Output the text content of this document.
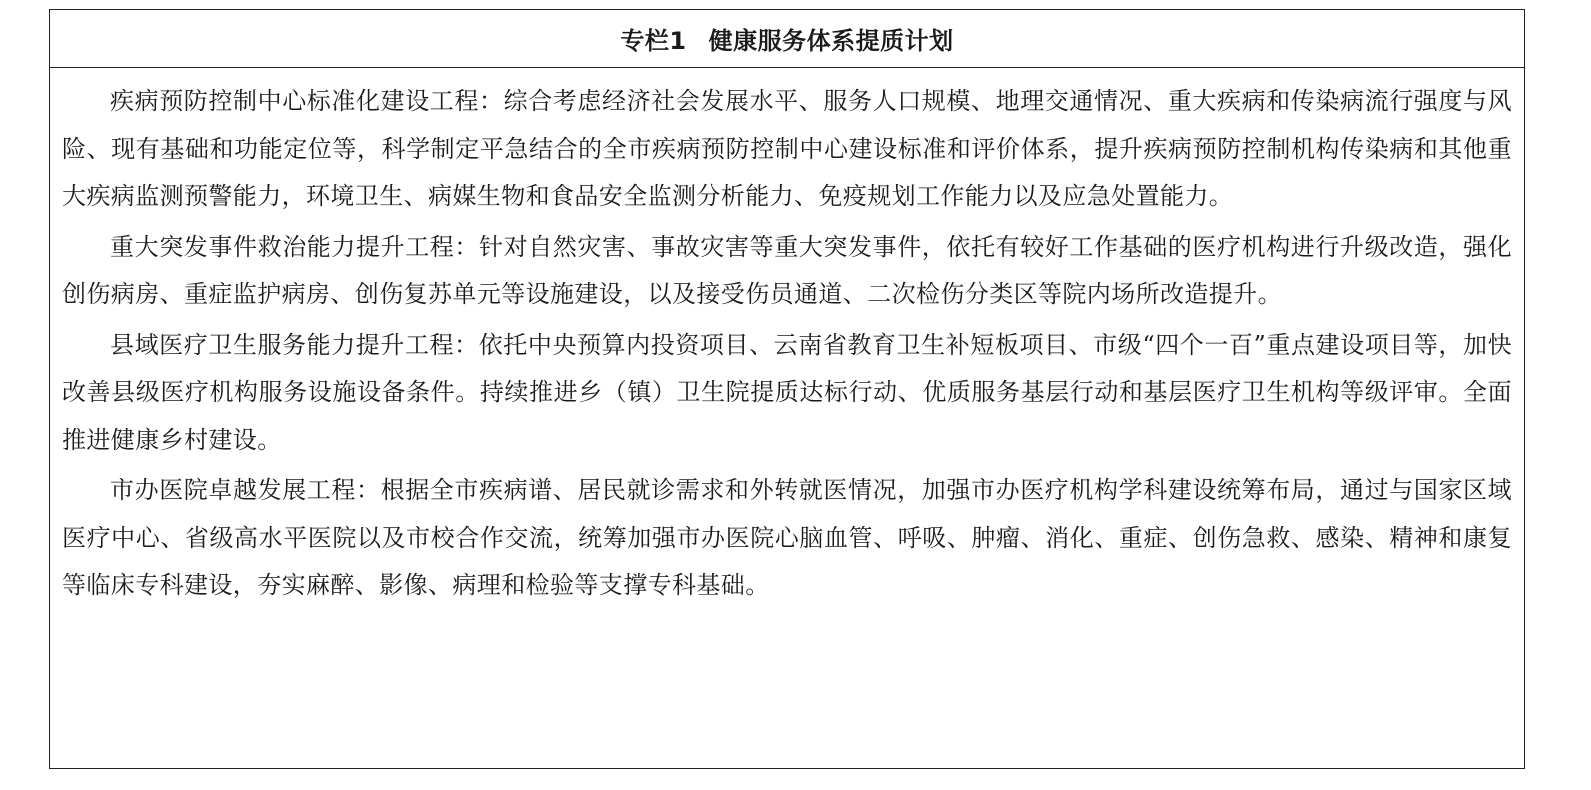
专栏1 健康服务体系提质计划

疾病预防控制中心标准化建设工程：综合考虑经济社会发展水平、服务人口规模、地理交通情况、重大疾病和传染病流行强度与风险、现有基础和功能定位等，科学制定平急结合的全市疾病预防控制中心建设标准和评价体系，提升疾病预防控制机构传染病和其他重大疾病监测预警能力，环境卫生、病媒生物和食品安全监测分析能力、免疫规划工作能力以及应急处置能力。

重大突发事件救治能力提升工程：针对自然灾害、事故灾害等重大突发事件，依托有较好工作基础的医疗机构进行升级改造，强化创伤病房、重症监护病房、创伤复苏单元等设施建设，以及接受伤员通道、二次检伤分类区等院内场所改造提升。

县域医疗卫生服务能力提升工程：依托中央预算内投资项目、云南省教育卫生补短板项目、市级“四个一百”重点建设项目等，加快改善县级医疗机构服务设施设备条件。持续推进乡（镇）卫生院提质达标行动、优质服务基层行动和基层医疗卫生机构等级评审。全面推进健康乡村建设。

市办医院卓越发展工程：根据全市疾病谱、居民就诊需求和外转就医情况，加强市办医疗机构学科建设统筹布局，通过与国家区域医疗中心、省级高水平医院以及市校合作交流，统筹加强市办医院心脑血管、呼吸、肿瘤、消化、重症、创伤急救、感染、精神和康复等临床专科建设，夯实麻醉、影像、病理和检验等支撑专科基础。
